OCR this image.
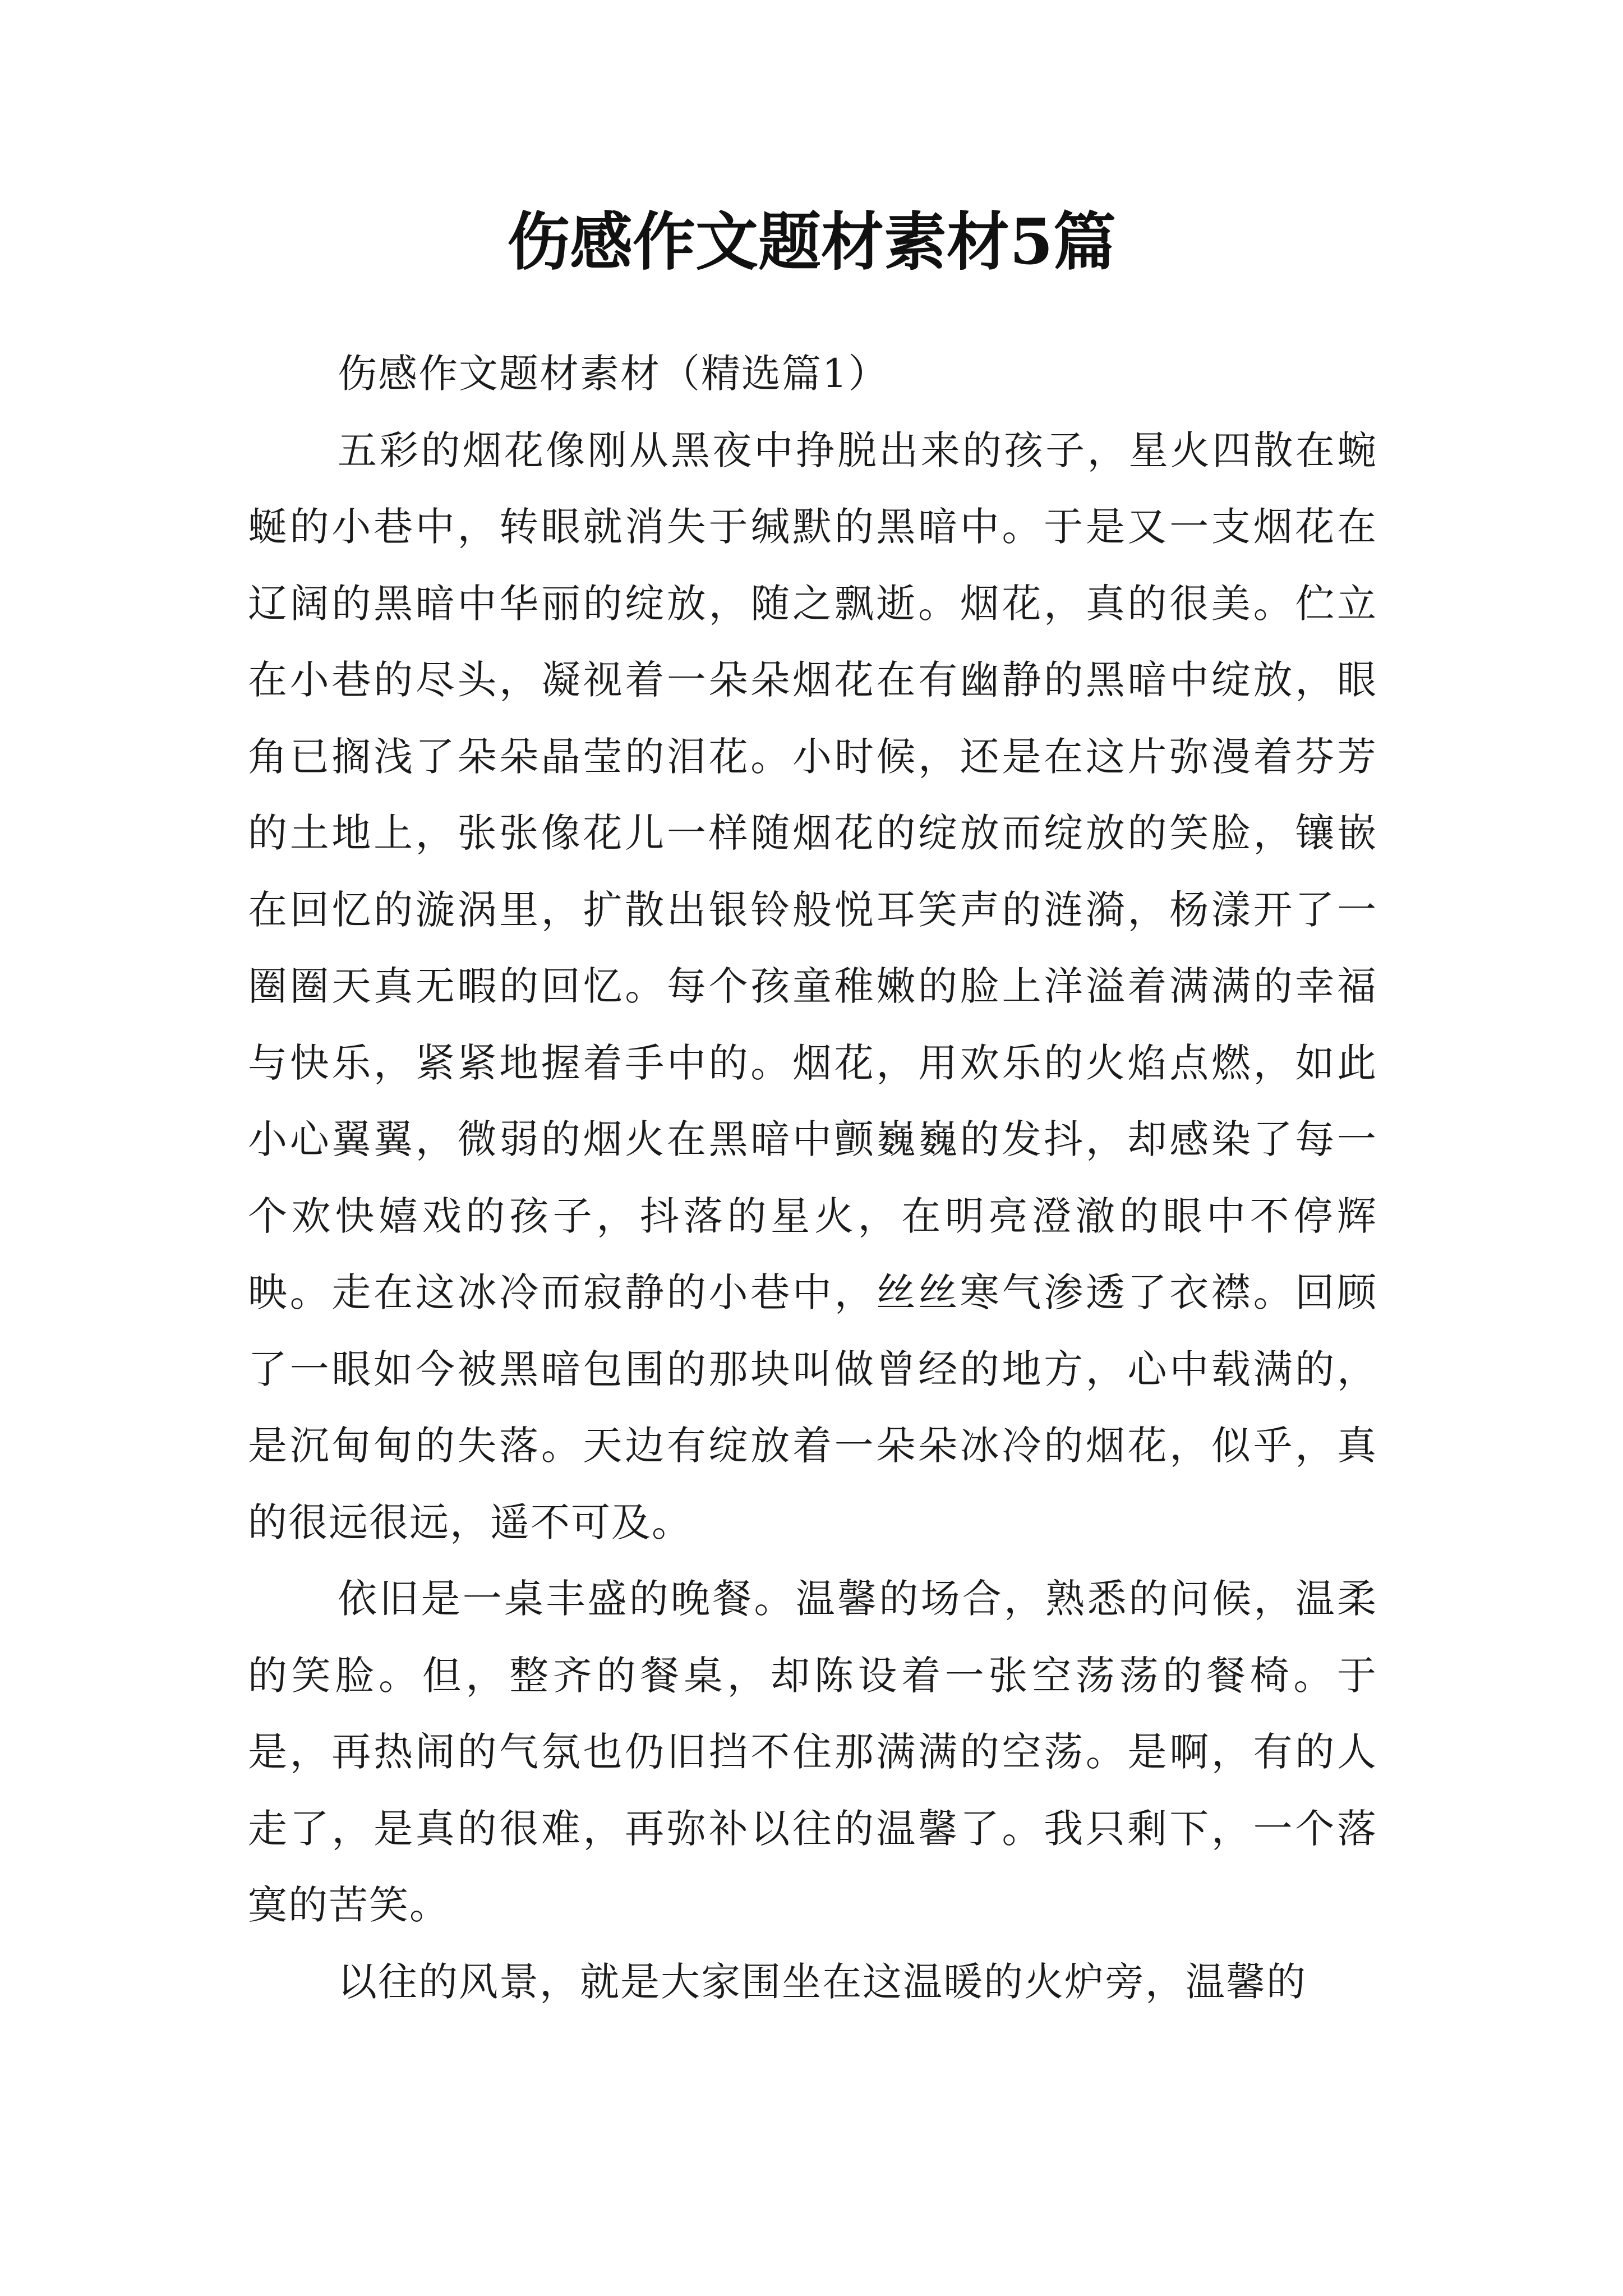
伤感作文题材素材5篇

伤感作文题材素材（精选篇1）

五彩的烟花像刚从黑夜中挣脱出来的孩子，星火四散在蜿蜒的小巷中，转眼就消失于缄默的黑暗中。于是又一支烟花在辽阔的黑暗中华丽的绽放，随之飘逝。烟花，真的很美。伫立在小巷的尽头，凝视着一朵朵烟花在有幽静的黑暗中绽放，眼角已搁浅了朵朵晶莹的泪花。小时候，还是在这片弥漫着芬芳的土地上，张张像花儿一样随烟花的绽放而绽放的笑脸，镶嵌在回忆的漩涡里，扩散出银铃般悦耳笑声的涟漪，杨漾开了一圈圈天真无暇的回忆。每个孩童稚嫩的脸上洋溢着满满的幸福与快乐，紧紧地握着手中的。烟花，用欢乐的火焰点燃，如此小心翼翼，微弱的烟火在黑暗中颤巍巍的发抖，却感染了每一个欢快嬉戏的孩子，抖落的星火，在明亮澄澈的眼中不停辉映。走在这冰冷而寂静的小巷中，丝丝寒气渗透了衣襟。回顾了一眼如今被黑暗包围的那块叫做曾经的地方，心中载满的，是沉甸甸的失落。天边有绽放着一朵朵冰冷的烟花，似乎，真的很远很远，遥不可及。

依旧是一桌丰盛的晚餐。温馨的场合，熟悉的问候，温柔的笑脸。但，整齐的餐桌，却陈设着一张空荡荡的餐椅。于是，再热闹的气氛也仍旧挡不住那满满的空荡。是啊，有的人走了，是真的很难，再弥补以往的温馨了。我只剩下，一个落寞的苦笑。

以往的风景，就是大家围坐在这温暖的火炉旁，温馨的
